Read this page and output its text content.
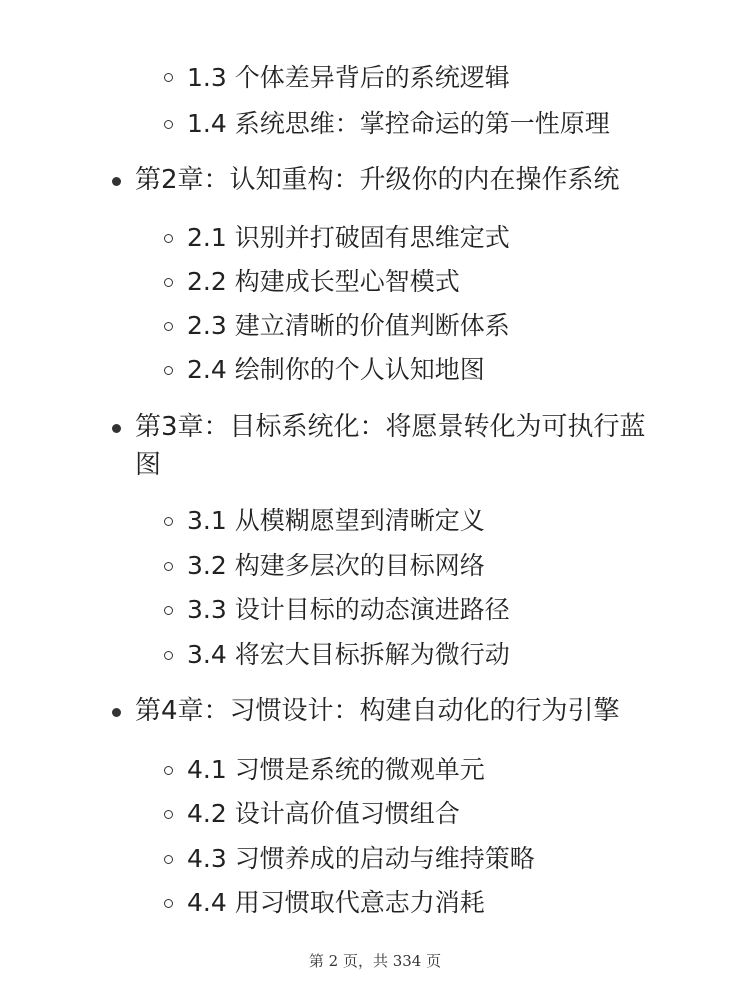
1.3 个体差异背后的系统逻辑
1.4 系统思维：掌控命运的第一性原理
第2章：认知重构：升级你的内在操作系统
2.1 识别并打破固有思维定式
2.2 构建成长型心智模式
2.3 建立清晰的价值判断体系
2.4 绘制你的个人认知地图
第3章：目标系统化：将愿景转化为可执行蓝
图
3.1 从模糊愿望到清晰定义
3.2 构建多层次的目标网络
3.3 设计目标的动态演进路径
3.4 将宏大目标拆解为微行动
第4章：习惯设计：构建自动化的行为引擎
4.1 习惯是系统的微观单元
4.2 设计高价值习惯组合
4.3 习惯养成的启动与维持策略
4.4 用习惯取代意志力消耗
第 2 页，共 334 页
